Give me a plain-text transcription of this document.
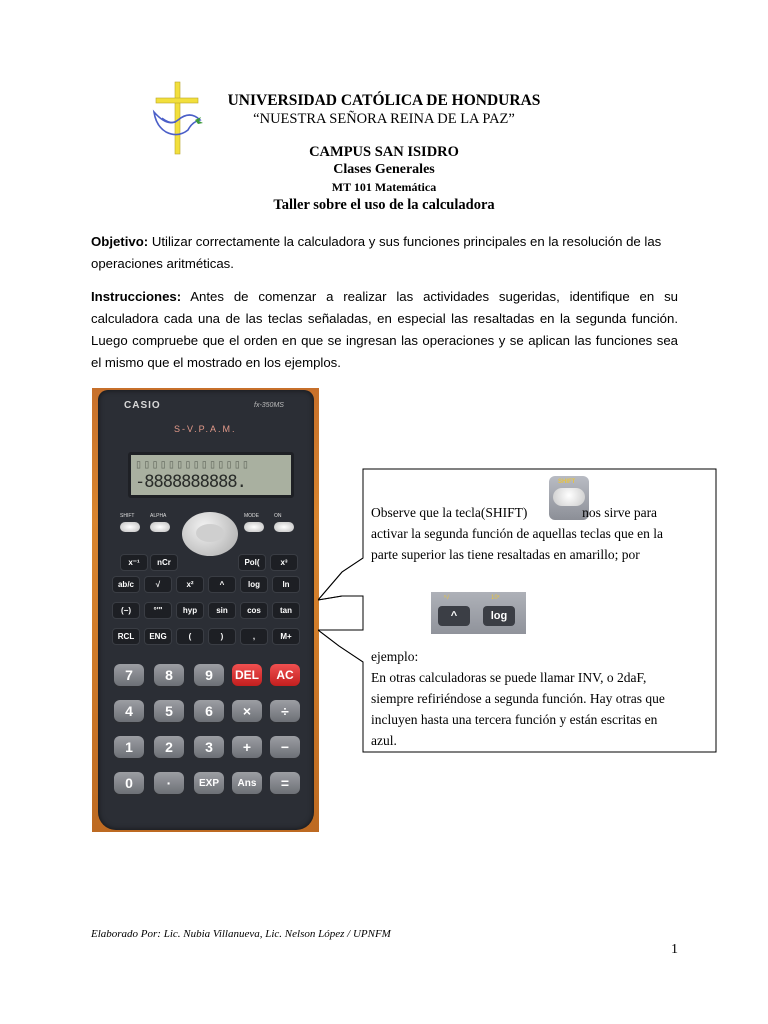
UNIVERSIDAD CATÓLICA DE HONDURAS
“NUESTRA SEÑORA REINA DE LA PAZ”
CAMPUS SAN ISIDRO
Clases Generales
MT 101 Matemática
Taller sobre el uso de la calculadora
Objetivo: Utilizar correctamente la calculadora y sus funciones principales en la resolución de las operaciones aritméticas.
Instrucciones: Antes de comenzar a realizar las actividades sugeridas, identifique en su calculadora cada una de las teclas señaladas, en especial las resaltadas en la segunda función. Luego compruebe que el orden en que se ingresan las operaciones y se aplican las funciones sea el mismo que el mostrado en los ejemplos.
CASIO	fx-350MS
S-V.P.A.M.
▯▯▯▯▯▯▯▯▯▯▯▯▯▯
-8888888888.
SHIFT	ALPHA	MODE	ON
x⁻¹	nCr	Pol(	x³
ab/c	√	x²	^	log	ln
(−)	°'"	hyp	sin	cos	tan
RCL	ENG	(	)	,	M+
7	8	9	DEL	AC
4	5	6	×	÷
1	2	3	+	−
0	·	EXP	Ans	=
SHIFT
Observe que la tecla(SHIFT)	nos sirve para
activar la segunda función de aquellas teclas que en la
parte superior las tiene resaltadas en amarillo; por
ejemplo:
En otras calculadoras se puede llamar INV, o 2daF,
siempre refiriéndose a segunda función. Hay otras que
incluyen hasta una tercera función y están escritas en
azul.
ˣ√	10ˣ
^	log
Elaborado Por: Lic. Nubia Villanueva, Lic. Nelson López / UPNFM
1
